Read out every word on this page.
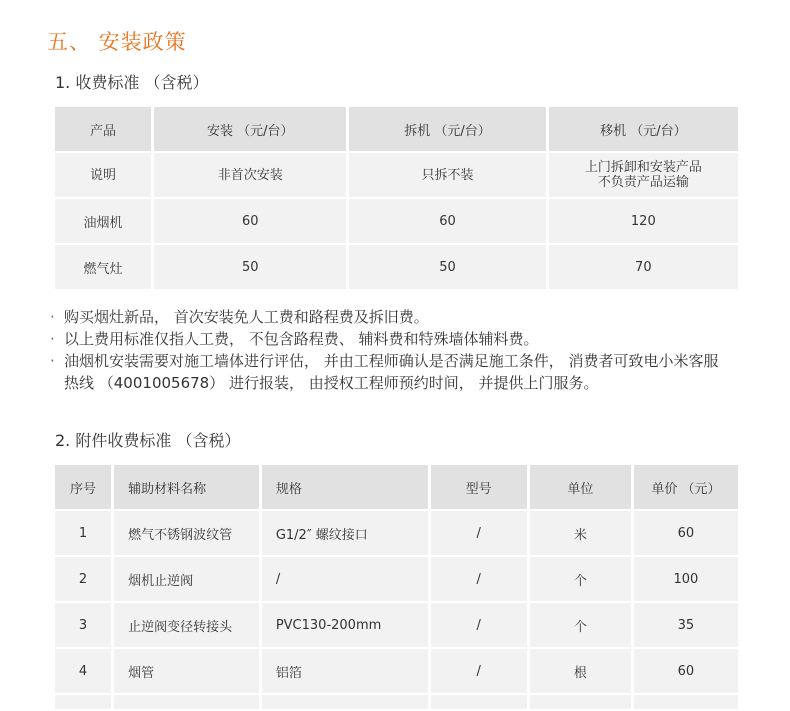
五、 安装政策
1. 收费标准 （含税）
产品	安装 （元/台）	拆机 （元/台）	移机 （元/台）
说明	非首次安装	只拆不装	上门拆卸和安装产品
不负责产品运输

油烟机	60	60	120
燃气灶	50	50	70
· 购买烟灶新品， 首次安装免人工费和路程费及拆旧费。
· 以上费用标准仅指人工费， 不包含路程费、 辅料费和特殊墙体辅料费。
· 油烟机安装需要对施工墙体进行评估， 并由工程师确认是否满足施工条件， 消费者可致电小米客服
热线 （4001005678） 进行报装， 由授权工程师预约时间， 并提供上门服务。
2. 附件收费标准 （含税）
序号	辅助材料名称	规格	型号	单位	单价 （元）
1	燃气不锈钢波纹管	G1/2″ 螺纹接口	/	米	60
2	烟机止逆阀	/	/	个	100
3	止逆阀变径转接头	PVC130-200mm	/	个	35
4	烟管	铝箔	/	根	60
